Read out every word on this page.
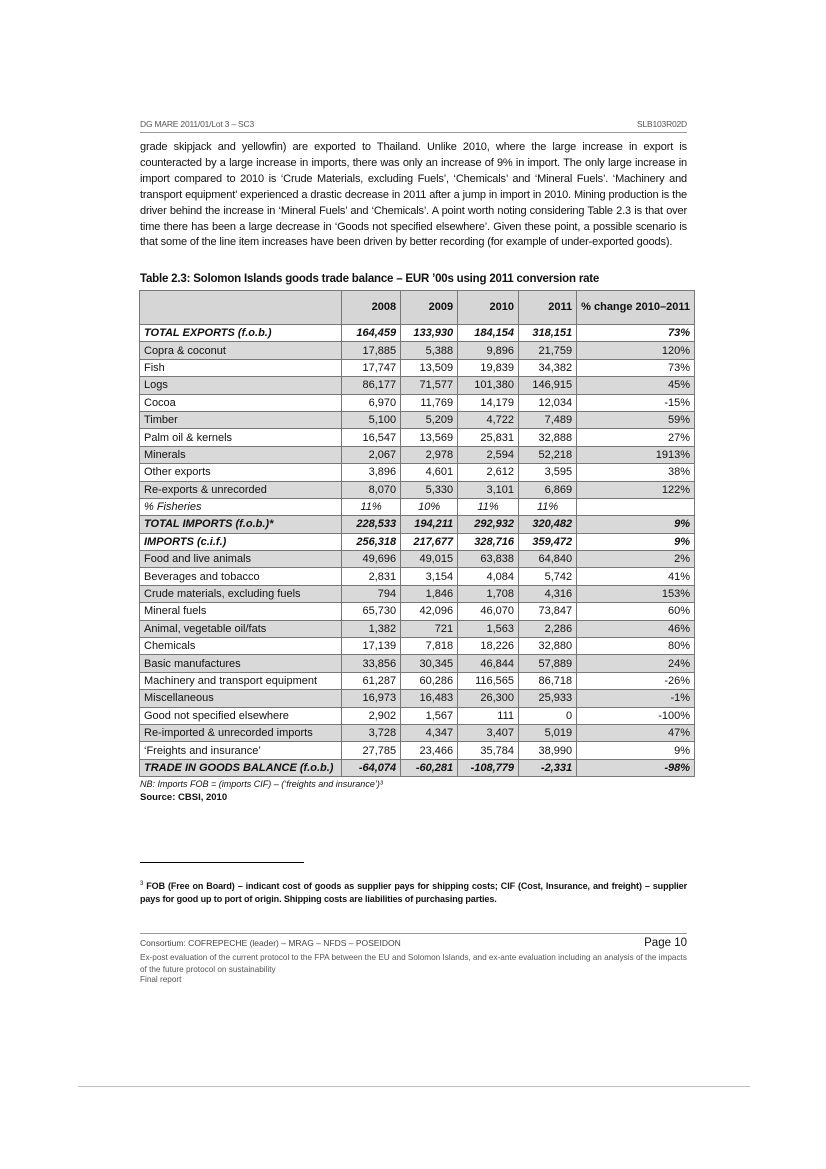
DG MARE 2011/01/Lot 3 – SC3	SLB103R02D

grade skipjack and yellowfin) are exported to Thailand. Unlike 2010, where the large increase in export is counteracted by a large increase in imports, there was only an increase of 9% in import. The only large increase in import compared to 2010 is ‘Crude Materials, excluding Fuels’, ‘Chemicals’ and ‘Mineral Fuels’. ‘Machinery and transport equipment’ experienced a drastic decrease in 2011 after a jump in import in 2010. Mining production is the driver behind the increase in ‘Mineral Fuels’ and ‘Chemicals’. A point worth noting considering Table 2.3 is that over time there has been a large decrease in ‘Goods not specified elsewhere’. Given these point, a possible scenario is that some of the line item increases have been driven by better recording (for example of under-exported goods).

Table 2.3: Solomon Islands goods trade balance – EUR ’00s using 2011 conversion rate
	2008	2009	2010	2011	% change 2010–2011
TOTAL EXPORTS (f.o.b.)	164,459	133,930	184,154	318,151	73%
Copra & coconut	17,885	5,388	9,896	21,759	120%
Fish	17,747	13,509	19,839	34,382	73%
Logs	86,177	71,577	101,380	146,915	45%
Cocoa	6,970	11,769	14,179	12,034	-15%
Timber	5,100	5,209	4,722	7,489	59%
Palm oil & kernels	16,547	13,569	25,831	32,888	27%
Minerals	2,067	2,978	2,594	52,218	1913%
Other exports	3,896	4,601	2,612	3,595	38%
Re-exports & unrecorded	8,070	5,330	3,101	6,869	122%
% Fisheries	11%	10%	11%	11%	
TOTAL IMPORTS (f.o.b.)*	228,533	194,211	292,932	320,482	9%
IMPORTS (c.i.f.)	256,318	217,677	328,716	359,472	9%
Food and live animals	49,696	49,015	63,838	64,840	2%
Beverages and tobacco	2,831	3,154	4,084	5,742	41%
Crude materials, excluding fuels	794	1,846	1,708	4,316	153%
Mineral fuels	65,730	42,096	46,070	73,847	60%
Animal, vegetable oil/fats	1,382	721	1,563	2,286	46%
Chemicals	17,139	7,818	18,226	32,880	80%
Basic manufactures	33,856	30,345	46,844	57,889	24%
Machinery and transport equipment	61,287	60,286	116,565	86,718	-26%
Miscellaneous	16,973	16,483	26,300	25,933	-1%
Good not specified elsewhere	2,902	1,567	111	0	-100%
Re-imported & unrecorded imports	3,728	4,347	3,407	5,019	47%
‘Freights and insurance’	27,785	23,466	35,784	38,990	9%
TRADE IN GOODS BALANCE (f.o.b.)	-64,074	-60,281	-108,779	-2,331	-98%
NB: Imports FOB = (imports CIF) – (‘freights and insurance’)³
Source: CBSI, 2010
$^3$ FOB (Free on Board) – indicant cost of goods as supplier pays for shipping costs; CIF (Cost, Insurance, and freight) – supplier pays for good up to port of origin. Shipping costs are liabilities of purchasing parties.
Consortium: COFREPECHE (leader) – MRAG – NFDS – POSEIDON	Page 10
Ex-post evaluation of the current protocol to the FPA between the EU and Solomon Islands, and ex-ante evaluation including an analysis of the impacts of the future protocol on sustainability
Final report
